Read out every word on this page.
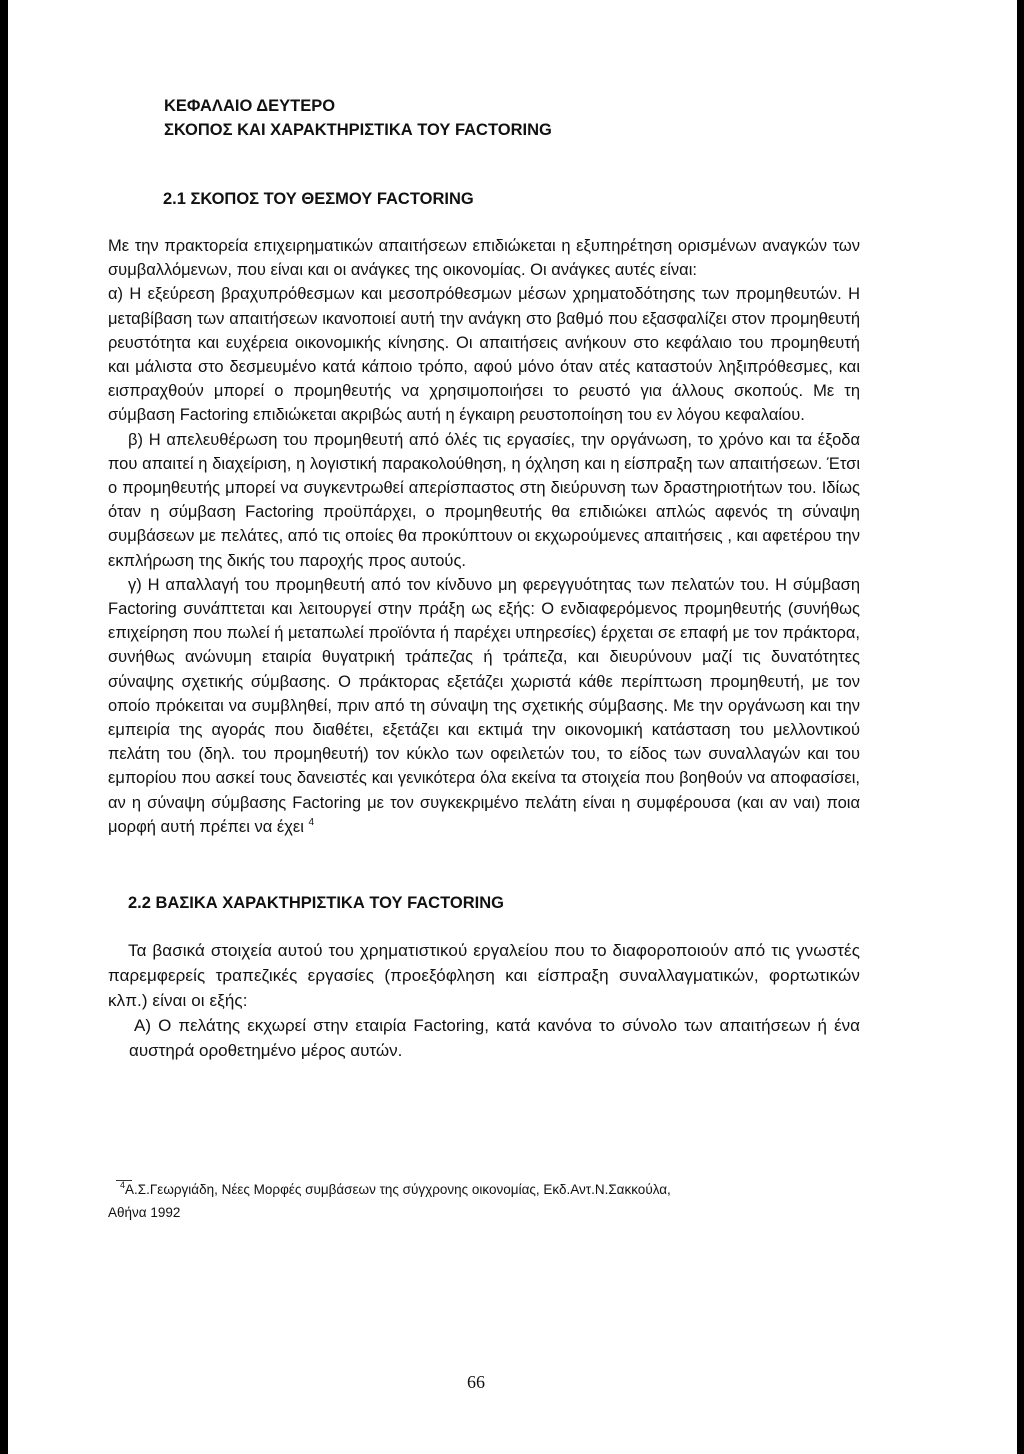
ΚΕΦΑΛΑΙΟ ΔΕΥΤΕΡΟ
ΣΚΟΠΟΣ ΚΑΙ ΧΑΡΑΚΤΗΡΙΣΤΙΚΑ ΤΟΥ FACTORING
2.1 ΣΚΟΠΟΣ ΤΟΥ ΘΕΣΜΟΥ FACTORING

Με την πρακτορεία επιχειρηματικών απαιτήσεων επιδιώκεται η εξυπηρέτηση ορισμένων αναγκών των συμβαλλόμενων, που είναι και οι ανάγκες της οικονομίας. Οι ανάγκες αυτές είναι:

α) Η εξεύρεση βραχυπρόθεσμων και μεσοπρόθεσμων μέσων χρηματοδότησης των προμηθευτών. Η μεταβίβαση των απαιτήσεων ικανοποιεί αυτή την ανάγκη στο βαθμό που εξασφαλίζει στον προμηθευτή ρευστότητα και ευχέρεια οικονομικής κίνησης. Οι απαιτήσεις ανήκουν στο κεφάλαιο του προμηθευτή και μάλιστα στο δεσμευμένο κατά κάποιο τρόπο, αφού μόνο όταν ατές καταστούν ληξιπρόθεσμες, και εισπραχθούν μπορεί ο προμηθευτής να χρησιμοποιήσει το ρευστό για άλλους σκοπούς. Με τη σύμβαση Factoring επιδιώκεται ακριβώς αυτή η έγκαιρη ρευστοποίηση του εν λόγου κεφαλαίου.

β) Η απελευθέρωση του προμηθευτή από όλές τις εργασίες, την οργάνωση, το χρόνο και τα έξοδα που απαιτεί η διαχείριση, η λογιστική παρακολούθηση, η όχληση και η είσπραξη των απαιτήσεων. Έτσι ο προμηθευτής μπορεί να συγκεντρωθεί απερίσπαστος στη διεύρυνση των δραστηριοτήτων του. Ιδίως όταν η σύμβαση Factoring προϋπάρχει, ο προμηθευτής θα επιδιώκει απλώς αφενός τη σύναψη συμβάσεων με πελάτες, από τις οποίες θα προκύπτουν οι εκχωρούμενες απαιτήσεις , και αφετέρου την εκπλήρωση της δικής του παροχής προς αυτούς.

γ) Η απαλλαγή του προμηθευτή από τον κίνδυνο μη φερεγγυότητας των πελατών του. Η σύμβαση Factoring συνάπτεται και λειτουργεί στην πράξη ως εξής: Ο ενδιαφερόμενος προμηθευτής (συνήθως επιχείρηση που πωλεί ή μεταπωλεί προϊόντα ή παρέχει υπηρεσίες) έρχεται σε επαφή με τον πράκτορα, συνήθως ανώνυμη εταιρία θυγατρική τράπεζας ή τράπεζα, και διευρύνουν μαζί τις δυνατότητες σύναψης σχετικής σύμβασης. Ο πράκτορας εξετάζει χωριστά κάθε περίπτωση προμηθευτή, με τον οποίο πρόκειται να συμβληθεί, πριν από τη σύναψη της σχετικής σύμβασης. Με την οργάνωση και την εμπειρία της αγοράς που διαθέτει, εξετάζει και εκτιμά την οικονομική κατάσταση του μελλοντικού πελάτη του (δηλ. του προμηθευτή) τον κύκλο των οφειλετών του, το είδος των συναλλαγών και του εμπορίου που ασκεί τους δανειστές και γενικότερα όλα εκείνα τα στοιχεία που βοηθούν να αποφασίσει, αν η σύναψη σύμβασης Factoring με τον συγκεκριμένο πελάτη είναι η συμφέρουσα (και αν ναι) ποια μορφή αυτή πρέπει να έχει $^4$

2.2 ΒΑΣΙΚΑ ΧΑΡΑΚΤΗΡΙΣΤΙΚΑ ΤΟΥ FACTORING

Τα βασικά στοιχεία αυτού του χρηματιστικού εργαλείου που το διαφοροποιούν από τις γνωστές παρεμφερείς τραπεζικές εργασίες (προεξόφληση και είσπραξη συναλλαγματικών, φορτωτικών κλπ.) είναι οι εξής:

Α) Ο πελάτης εκχωρεί στην εταιρία Factoring, κατά κανόνα το σύνολο των απαιτήσεων ή ένα αυστηρά οροθετημένο μέρος αυτών.

$^4$Α.Σ.Γεωργιάδη, Νέες Μορφές συμβάσεων της σύγχρονης οικονομίας, Εκδ.Αντ.Ν.Σακκούλα,
Αθήνα 1992
66
